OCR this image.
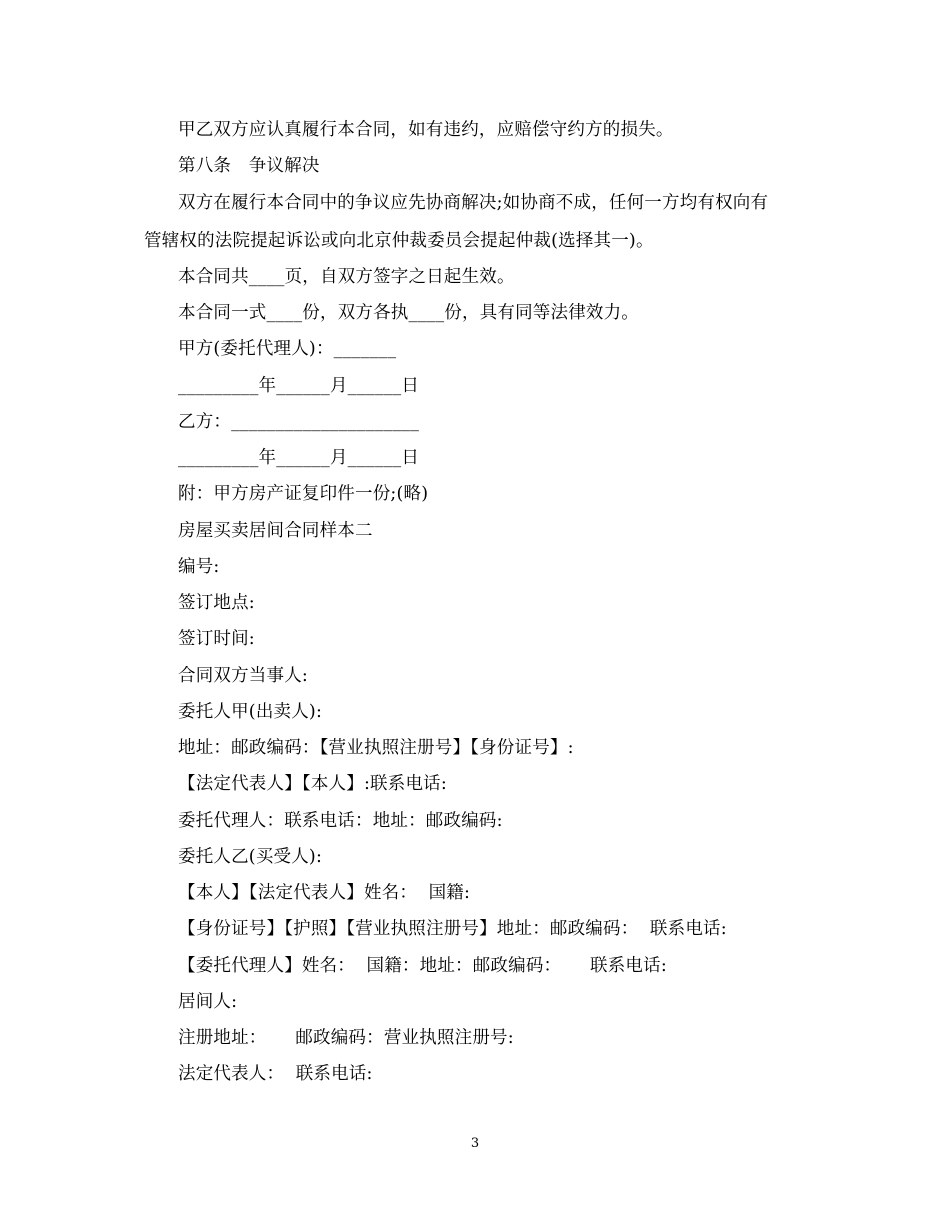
甲乙双方应认真履行本合同，如有违约，应赔偿守约方的损失。
第八条　争议解决
双方在履行本合同中的争议应先协商解决;如协商不成，任何一方均有权向有
管辖权的法院提起诉讼或向北京仲裁委员会提起仲裁(选择其一)。
本合同共____页，自双方签字之日起生效。
本合同一式____份，双方各执____份，具有同等法律效力。
甲方(委托代理人)：_______
_________年______月______日
乙方：_____________________
_________年______月______日
附：甲方房产证复印件一份;(略)
房屋买卖居间合同样本二
编号:
签订地点:
签订时间:
合同双方当事人:
委托人甲(出卖人):
地址：邮政编码：【营业执照注册号】【身份证号】:
【法定代表人】【本人】:联系电话:
委托代理人：联系电话：地址：邮政编码:
委托人乙(买受人):
【本人】【法定代表人】姓名：  国籍:
【身份证号】【护照】【营业执照注册号】地址：邮政编码：  联系电话:
【委托代理人】姓名：  国籍：地址：邮政编码：     联系电话:
居间人:
注册地址：     邮政编码：营业执照注册号:
法定代表人：  联系电话:
3
